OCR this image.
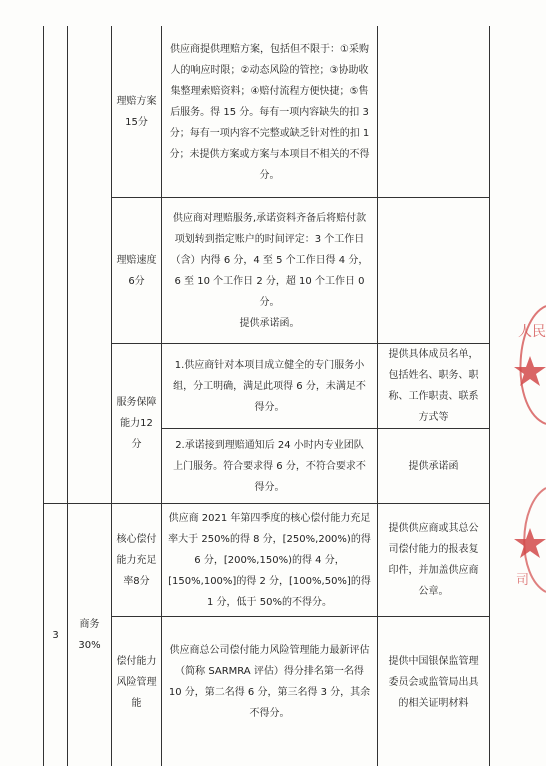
理赔方案15分
供应商提供理赔方案，包括但不限于：①采购人的响应时限；②动态风险的管控；③协助收集整理索赔资料；④赔付流程方便快捷；⑤售后服务。得 15 分。每有一项内容缺失的扣 3 分；每有一项内容不完整或缺乏针对性的扣 1 分；未提供方案或方案与本项目不相关的不得分。
理赔速度6分
供应商对理赔服务,承诺资料齐备后将赔付款项划转到指定账户的时间评定：3 个工作日（含）内得 6 分，4 至 5 个工作日得 4 分，6 至 10 个工作日 2 分，超 10 个工作日 0 分。
提供承诺函。
服务保障能力12分
1.供应商针对本项目成立健全的专门服务小组，分工明确，满足此项得 6 分，未满足不得分。
提供具体成员名单，包括姓名、职务、职称、工作职责、联系方式等
2.承诺接到理赔通知后 24 小时内专业团队上门服务。符合要求得 6 分，不符合要求不得分。
提供承诺函
3
商务30%
核心偿付能力充足率8分
供应商 2021 年第四季度的核心偿付能力充足率大于 250%的得 8 分，[250%,200%)的得 6 分，[200%,150%)的得 4 分，[150%,100%]的得 2 分，[100%,50%]的得 1 分，低于 50%的不得分。
提供供应商或其总公司偿付能力的报表复印件，并加盖供应商公章。
偿付能力风险管理能
供应商总公司偿付能力风险管理能力最新评估（简称 SARMRA 评估）得分排名第一名得 10 分，第二名得 6 分，第三名得 3 分，其余不得分。
提供中国银保监管理委员会或监管局出具的相关证明材料
人民
司
